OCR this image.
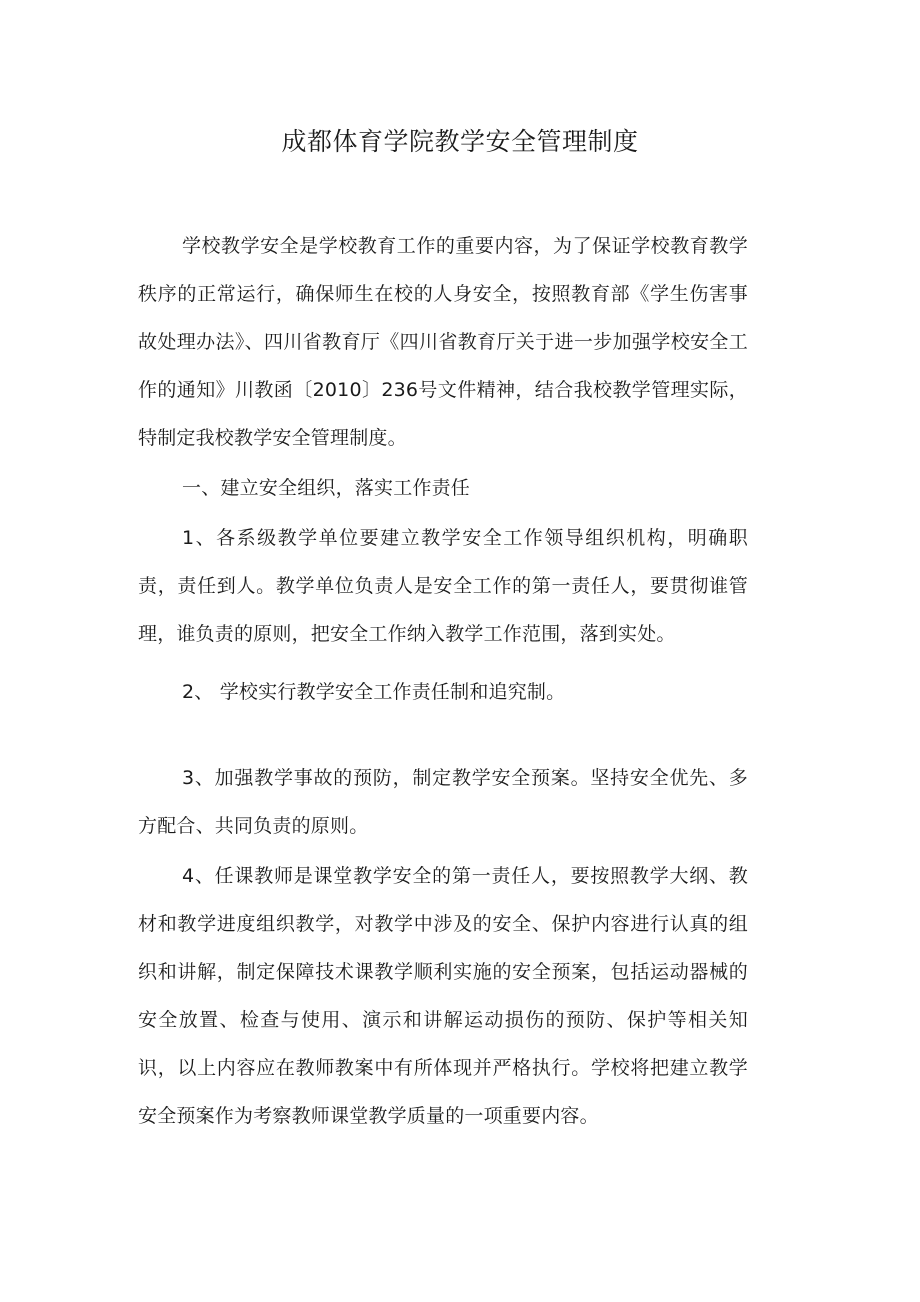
成都体育学院教学安全管理制度

学校教学安全是学校教育工作的重要内容，为了保证学校教育教学秩序的正常运行，确保师生在校的人身安全，按照教育部《学生伤害事故处理办法》、四川省教育厅《四川省教育厅关于进一步加强学校安全工作的通知》川教函〔2010〕236号文件精神，结合我校教学管理实际，特制定我校教学安全管理制度。

一、建立安全组织，落实工作责任

1、各系级教学单位要建立教学安全工作领导组织机构，明确职责，责任到人。教学单位负责人是安全工作的第一责任人，要贯彻谁管理，谁负责的原则，把安全工作纳入教学工作范围，落到实处。

2、 学校实行教学安全工作责任制和追究制。

3、加强教学事故的预防，制定教学安全预案。坚持安全优先、多方配合、共同负责的原则。

4、任课教师是课堂教学安全的第一责任人，要按照教学大纲、教材和教学进度组织教学，对教学中涉及的安全、保护内容进行认真的组织和讲解，制定保障技术课教学顺利实施的安全预案，包括运动器械的安全放置、检查与使用、演示和讲解运动损伤的预防、保护等相关知识，以上内容应在教师教案中有所体现并严格执行。学校将把建立教学安全预案作为考察教师课堂教学质量的一项重要内容。
